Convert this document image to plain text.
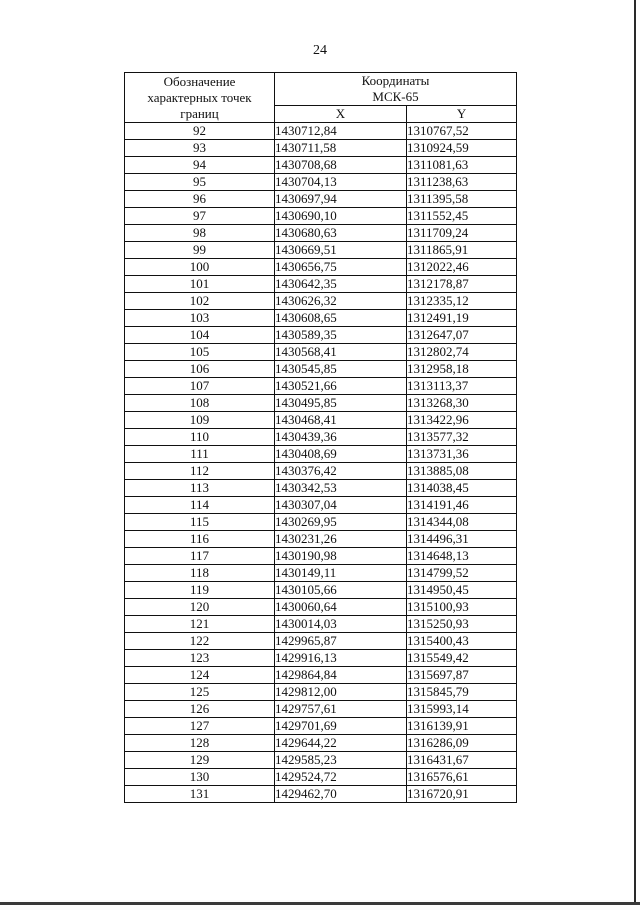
24
Обозначение
характерных точек
границ	Координаты
МСК-65	
	X	Y
92	1430712,84	1310767,52
93	1430711,58	1310924,59
94	1430708,68	1311081,63
95	1430704,13	1311238,63
96	1430697,94	1311395,58
97	1430690,10	1311552,45
98	1430680,63	1311709,24
99	1430669,51	1311865,91
100	1430656,75	1312022,46
101	1430642,35	1312178,87
102	1430626,32	1312335,12
103	1430608,65	1312491,19
104	1430589,35	1312647,07
105	1430568,41	1312802,74
106	1430545,85	1312958,18
107	1430521,66	1313113,37
108	1430495,85	1313268,30
109	1430468,41	1313422,96
110	1430439,36	1313577,32
111	1430408,69	1313731,36
112	1430376,42	1313885,08
113	1430342,53	1314038,45
114	1430307,04	1314191,46
115	1430269,95	1314344,08
116	1430231,26	1314496,31
117	1430190,98	1314648,13
118	1430149,11	1314799,52
119	1430105,66	1314950,45
120	1430060,64	1315100,93
121	1430014,03	1315250,93
122	1429965,87	1315400,43
123	1429916,13	1315549,42
124	1429864,84	1315697,87
125	1429812,00	1315845,79
126	1429757,61	1315993,14
127	1429701,69	1316139,91
128	1429644,22	1316286,09
129	1429585,23	1316431,67
130	1429524,72	1316576,61
131	1429462,70	1316720,91
